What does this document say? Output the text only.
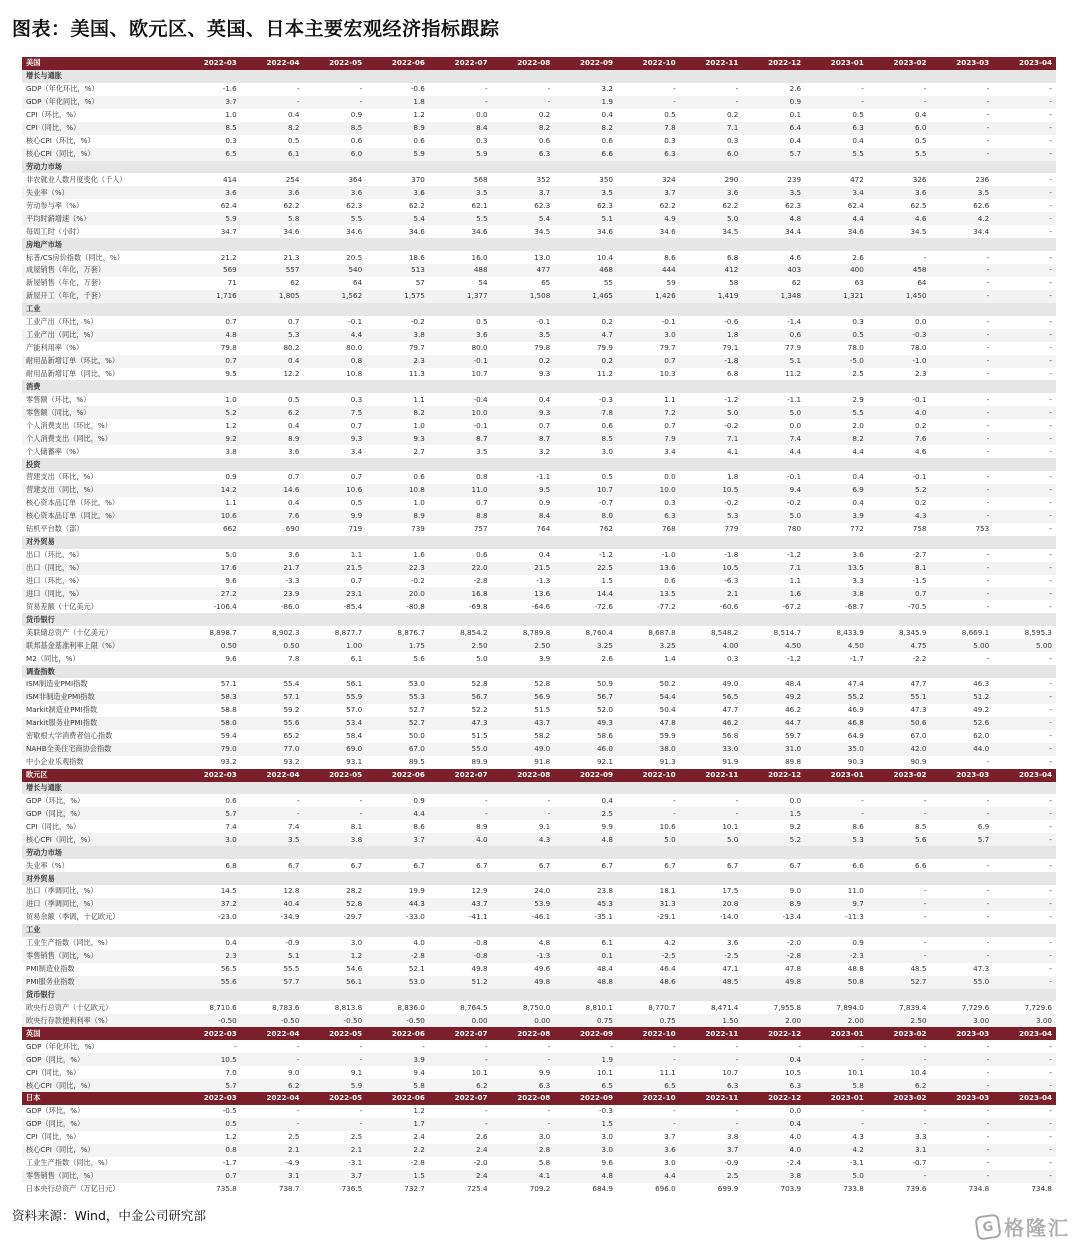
图表：美国、欧元区、英国、日本主要宏观经济指标跟踪
美国	2022-03	2022-04	2022-05	2022-06	2022-07	2022-08	2022-09	2022-10	2022-11	2022-12	2023-01	2023-02	2023-03	2023-04
增长与通胀														
GDP（年化环比，%）	-1.6	-	-	-0.6	-	-	3.2	-	-	2.6	-	-	-	-
GDP（年化同比，%）	3.7	-	-	1.8	-	-	1.9	-	-	0.9	-	-	-	-
CPI（环比，%）	1.0	0.4	0.9	1.2	0.0	0.2	0.4	0.5	0.2	0.1	0.5	0.4	-	-
CPI（同比，%）	8.5	8.2	8.5	8.9	8.4	8.2	8.2	7.8	7.1	6.4	6.3	6.0	-	-
核心CPI（环比，%）	0.3	0.5	0.6	0.6	0.3	0.6	0.6	0.3	0.3	0.4	0.4	0.5	-	-
核心CPI（同比，%）	6.5	6.1	6.0	5.9	5.9	6.3	6.6	6.3	6.0	5.7	5.5	5.5	-	-
劳动力市场														
非农就业人数月度变化（千人）	414	254	364	370	568	352	350	324	290	239	472	326	236	-
失业率（%）	3.6	3.6	3.6	3.6	3.5	3.7	3.5	3.7	3.6	3.5	3.4	3.6	3.5	-
劳动参与率（%）	62.4	62.2	62.3	62.2	62.1	62.3	62.3	62.2	62.2	62.3	62.4	62.5	62.6	-
平均时薪增速（%）	5.9	5.8	5.5	5.4	5.5	5.4	5.1	4.9	5.0	4.8	4.4	4.6	4.2	-
每周工时（小时）	34.7	34.6	34.6	34.6	34.6	34.5	34.6	34.6	34.5	34.4	34.6	34.5	34.4	-
房地产市场														
标普/CS房价指数（同比，%）	21.2	21.3	20.5	18.6	16.0	13.0	10.4	8.6	6.8	4.6	2.6	-	-	-
成屋销售（年化，万套）	569	557	540	513	488	477	468	444	412	403	400	458	-	-
新屋销售（年化，万套）	71	62	64	57	54	65	55	59	58	62	63	64	-	-
新屋开工（年化，千套）	1,716	1,805	1,562	1,575	1,377	1,508	1,465	1,426	1,419	1,348	1,321	1,450	-	-
工业														
工业产出（环比，%）	0.7	0.7	-0.1	-0.2	0.5	-0.1	0.2	-0.1	-0.6	-1.4	0.3	0.0	-	-
工业产出（同比，%）	4.8	5.3	4.4	3.8	3.6	3.5	4.7	3.0	1.8	0.6	0.5	-0.3	-	-
产能利用率（%）	79.8	80.2	80.0	79.7	80.0	79.8	79.9	79.7	79.1	77.9	78.0	78.0	-	-
耐用品新增订单（环比，%）	0.7	0.4	0.8	2.3	-0.1	0.2	0.2	0.7	-1.8	5.1	-5.0	-1.0	-	-
耐用品新增订单（同比，%）	9.5	12.2	10.8	11.3	10.7	9.3	11.2	10.3	6.8	11.2	2.5	2.3	-	-
消费														
零售额（环比，%）	1.0	0.5	0.3	1.1	-0.4	0.4	-0.3	1.1	-1.2	-1.1	2.9	-0.1	-	-
零售额（同比，%）	5.2	6.2	7.5	8.2	10.0	9.3	7.8	7.2	5.0	5.0	5.5	4.0	-	-
个人消费支出（环比，%）	1.2	0.4	0.7	1.0	-0.1	0.7	0.6	0.7	-0.2	0.0	2.0	0.2	-	-
个人消费支出（同比，%）	9.2	8.9	9.3	9.3	8.7	8.7	8.5	7.9	7.1	7.4	8.2	7.6	-	-
个人储蓄率（%）	3.8	3.6	3.4	2.7	3.5	3.2	3.0	3.4	4.1	4.4	4.4	4.6	-	-
投资														
营建支出（环比，%）	0.9	0.7	0.7	0.6	0.8	-1.1	0.5	0.0	1.8	-0.1	0.4	-0.1	-	-
营建支出（同比，%）	14.2	14.6	10.6	10.8	11.0	9.5	10.7	10.0	10.5	9.4	6.9	5.2	-	-
核心资本品订单（环比，%）	1.1	0.4	0.5	1.0	0.7	0.9	-0.7	0.3	-0.2	-0.2	0.4	0.2	-	-
核心资本品订单（同比，%）	10.6	7.6	9.9	8.9	8.8	8.4	8.0	6.3	5.3	5.0	3.9	4.3	-	-
钻机平台数（部）	662	690	719	739	757	764	762	768	779	780	772	758	753	-
对外贸易														
出口（环比，%）	5.0	3.6	1.1	1.6	0.6	0.4	-1.2	-1.0	-1.8	-1.2	3.6	-2.7	-	-
出口（同比，%）	17.6	21.7	21.5	22.3	22.0	21.5	22.5	13.6	10.5	7.1	13.5	8.1	-	-
进口（环比，%）	9.6	-3.3	0.7	-0.2	-2.8	-1.3	1.5	0.6	-6.3	1.1	3.3	-1.5	-	-
进口（同比，%）	27.2	23.9	23.1	20.0	16.8	13.6	14.4	13.5	2.1	1.6	3.8	0.7	-	-
贸易差额（十亿美元）	-106.4	-86.0	-85.4	-80.8	-69.8	-64.6	-72.6	-77.2	-60.6	-67.2	-68.7	-70.5	-	-
货币银行														
美联储总资产（十亿美元）	8,898.7	8,902.3	8,877.7	8,876.7	8,854.2	8,789.8	8,760.4	8,687.8	8,548.2	8,514.7	8,433.9	8,345.9	8,669.1	8,595.3
联邦基金基准利率上限（%）	0.50	0.50	1.00	1.75	2.50	2.50	3.25	3.25	4.00	4.50	4.50	4.75	5.00	5.00
M2（同比，%）	9.6	7.8	6.1	5.6	5.0	3.9	2.6	1.4	0.3	-1.2	-1.7	-2.2	-	-
调查指数														
ISM制造业PMI指数	57.1	55.4	56.1	53.0	52.8	52.8	50.9	50.2	49.0	48.4	47.4	47.7	46.3	-
ISM非制造业PMI指数	58.3	57.1	55.9	55.3	56.7	56.9	56.7	54.4	56.5	49.2	55.2	55.1	51.2	-
Markit制造业PMI指数	58.8	59.2	57.0	52.7	52.2	51.5	52.0	50.4	47.7	46.2	46.9	47.3	49.2	-
Markit服务业PMI指数	58.0	55.6	53.4	52.7	47.3	43.7	49.3	47.8	46.2	44.7	46.8	50.6	52.6	-
密歇根大学消费者信心指数	59.4	65.2	58.4	50.0	51.5	58.2	58.6	59.9	56.8	59.7	64.9	67.0	62.0	-
NAHB全美住宅商协会指数	79.0	77.0	69.0	67.0	55.0	49.0	46.0	38.0	33.0	31.0	35.0	42.0	44.0	-
中小企业乐观指数	93.2	93.2	93.1	89.5	89.9	91.8	92.1	91.3	91.9	89.8	90.3	90.9	-	-
欧元区	2022-03	2022-04	2022-05	2022-06	2022-07	2022-08	2022-09	2022-10	2022-11	2022-12	2023-01	2023-02	2023-03	2023-04
增长与通胀														
GDP（环比，%）	0.6	-	-	0.9	-	-	0.4	-	-	0.0	-	-	-	-
GDP（同比，%）	5.7	-	-	4.4	-	-	2.5	-	-	1.5	-	-	-	-
CPI（同比，%）	7.4	7.4	8.1	8.6	8.9	9.1	9.9	10.6	10.1	9.2	8.6	8.5	6.9	-
核心CPI（同比，%）	3.0	3.5	3.8	3.7	4.0	4.3	4.8	5.0	5.0	5.2	5.3	5.6	5.7	-
劳动力市场														
失业率（%）	6.8	6.7	6.7	6.7	6.7	6.7	6.7	6.7	6.7	6.7	6.6	6.6	-	-
对外贸易														
出口（季调同比，%）	14.5	12.8	28.2	19.9	12.9	24.0	23.8	18.1	17.5	9.0	11.0	-	-	-
进口（季调同比，%）	37.2	40.4	52.8	44.3	43.7	53.9	45.3	31.3	20.8	8.9	9.7	-	-	-
贸易余额（季调，十亿欧元）	-23.0	-34.9	-29.7	-33.0	-41.1	-46.1	-35.1	-29.1	-14.0	-13.4	-11.3	-	-	-
工业														
工业生产指数（同比，%）	0.4	-0.9	3.0	4.0	-0.8	4.8	6.1	4.2	3.6	-2.0	0.9	-	-	-
零售销售（同比，%）	2.3	5.1	1.2	-2.8	-0.8	-1.3	0.1	-2.5	-2.5	-2.8	-2.3	-	-	-
PMI制造业指数	56.5	55.5	54.6	52.1	49.8	49.6	48.4	46.4	47.1	47.8	48.8	48.5	47.3	-
PMI服务业指数	55.6	57.7	56.1	53.0	51.2	49.8	48.8	48.6	48.5	49.8	50.8	52.7	55.0	-
货币银行														
欧央行总资产（十亿欧元）	8,710.6	8,783.6	8,813.8	8,836.0	8,764.5	8,750.0	8,810.1	8,770.7	8,471.4	7,955.8	7,894.0	7,839.4	7,729.6	7,729.6
欧央行存款便利利率（%）	-0.50	-0.50	-0.50	-0.50	0.00	0.00	0.75	0.75	1.50	2.00	2.00	2.50	3.00	3.00
英国	2022-03	2022-04	2022-05	2022-06	2022-07	2022-08	2022-09	2022-10	2022-11	2022-12	2023-01	2023-02	2023-03	2023-04
GDP（年化环比，%）	-	-	-	-	-	-	-	-	-	-	-	-	-	-
GDP（同比，%）	10.5	-	-	3.9	-	-	1.9	-	-	0.4	-	-	-	-
CPI（同比，%）	7.0	9.0	9.1	9.4	10.1	9.9	10.1	11.1	10.7	10.5	10.1	10.4	-	-
核心CPI（同比，%）	5.7	6.2	5.9	5.8	6.2	6.3	6.5	6.5	6.3	6.3	5.8	6.2	-	-
日本	2022-03	2022-04	2022-05	2022-06	2022-07	2022-08	2022-09	2022-10	2022-11	2022-12	2023-01	2023-02	2023-03	2023-04
GDP（环比，%）	-0.5	-	-	1.2	-	-	-0.3	-	-	0.0	-	-	-	-
GDP（同比，%）	0.5	-	-	1.7	-	-	1.5	-	-	0.4	-	-	-	-
CPI（同比，%）	1.2	2.5	2.5	2.4	2.6	3.0	3.0	3.7	3.8	4.0	4.3	3.3	-	-
核心CPI（同比，%）	0.8	2.1	2.1	2.2	2.4	2.8	3.0	3.6	3.7	4.0	4.2	3.1	-	-
工业生产指数（同比，%）	-1.7	-4.9	-3.1	-2.8	-2.0	5.8	9.6	3.0	-0.9	-2.4	-3.1	-0.7	-	-
零售销售（同比，%）	0.7	3.1	3.7	1.5	2.4	4.1	4.8	4.4	2.5	3.8	5.0	-	-	-
日本央行总资产（万亿日元）	735.8	738.7	736.5	732.7	725.4	709.2	684.9	696.0	699.9	703.9	733.8	739.6	734.8	734.8
资料来源：Wind，中金公司研究部
G 格隆汇
